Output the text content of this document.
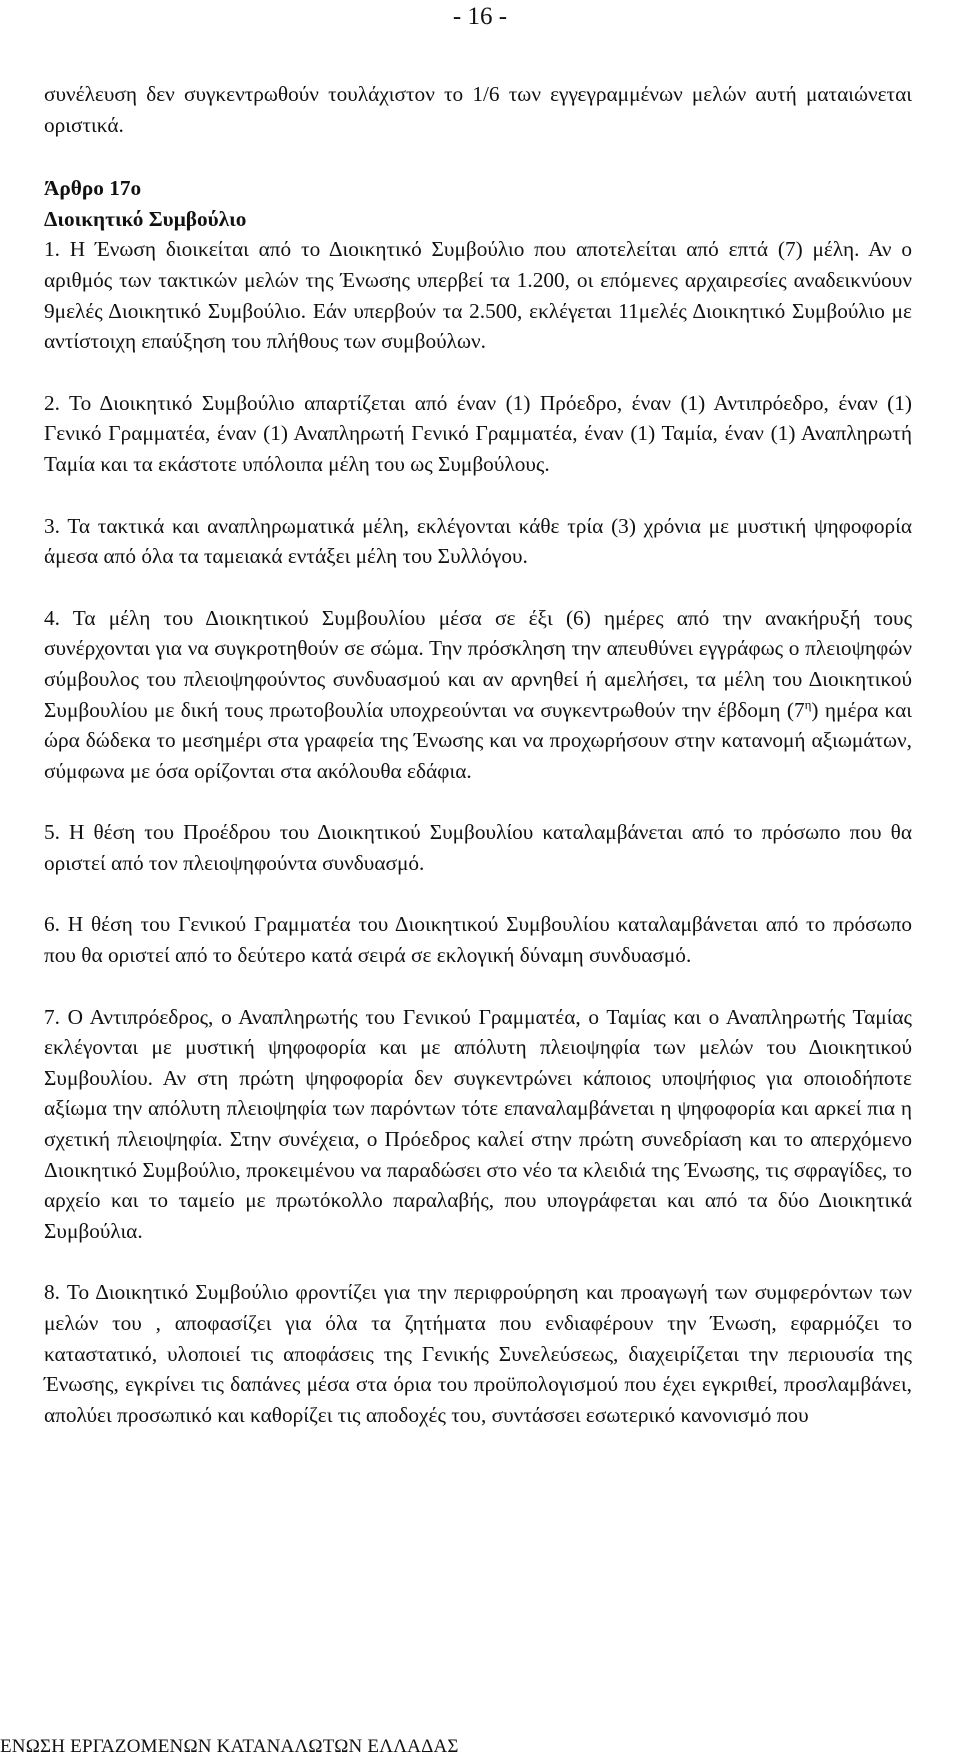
- 16 -

συνέλευση δεν συγκεντρωθούν τουλάχιστον το 1/6 των εγγεγραμμένων μελών αυτή ματαιώνεται οριστικά.

Άρθρο 17ο

Διοικητικό Συμβούλιο

1. Η Ένωση διοικείται από το Διοικητικό Συμβούλιο που αποτελείται από επτά (7) μέλη. Αν ο αριθμός των τακτικών μελών της Ένωσης υπερβεί τα 1.200, οι επόμενες αρχαιρεσίες αναδεικνύουν 9μελές Διοικητικό Συμβούλιο. Εάν υπερβούν τα 2.500, εκλέγεται 11μελές Διοικητικό Συμβούλιο με αντίστοιχη επαύξηση του πλήθους των συμβούλων.

2. Το Διοικητικό Συμβούλιο απαρτίζεται από έναν (1) Πρόεδρο, έναν (1) Αντιπρόεδρο, έναν (1) Γενικό Γραμματέα, έναν (1) Αναπληρωτή Γενικό Γραμματέα, έναν (1) Ταμία, έναν (1) Αναπληρωτή Ταμία και τα εκάστοτε υπόλοιπα μέλη του ως Συμβούλους.

3. Τα τακτικά και αναπληρωματικά μέλη, εκλέγονται κάθε τρία (3) χρόνια με μυστική ψηφοφορία άμεσα από όλα τα ταμειακά εντάξει μέλη του Συλλόγου.

4. Τα μέλη του Διοικητικού Συμβουλίου μέσα σε έξι (6) ημέρες από την ανακήρυξή τους συνέρχονται για να συγκροτηθούν σε σώμα. Την πρόσκληση την απευθύνει εγγράφως ο πλειοψηφών σύμβουλος του πλειοψηφούντος συνδυασμού και αν αρνηθεί ή αμελήσει, τα μέλη του Διοικητικού Συμβουλίου με δική τους πρωτοβουλία υποχρεούνται να συγκεντρωθούν την έβδομη $(7^\eta)$ ημέρα και ώρα δώδεκα το μεσημέρι στα γραφεία της Ένωσης και να προχωρήσουν στην κατανομή αξιωμάτων, σύμφωνα με όσα ορίζονται στα ακόλουθα εδάφια.

5. Η θέση του Προέδρου του Διοικητικού Συμβουλίου καταλαμβάνεται από το πρόσωπο που θα οριστεί από τον πλειοψηφούντα συνδυασμό.

6. Η θέση του Γενικού Γραμματέα του Διοικητικού Συμβουλίου καταλαμβάνεται από το πρόσωπο που θα οριστεί από το δεύτερο κατά σειρά σε εκλογική δύναμη συνδυασμό.

7. Ο Αντιπρόεδρος, ο Αναπληρωτής του Γενικού Γραμματέα, ο Ταμίας και ο Αναπληρωτής Ταμίας εκλέγονται με μυστική ψηφοφορία και με απόλυτη πλειοψηφία των μελών του Διοικητικού Συμβουλίου. Αν στη πρώτη ψηφοφορία δεν συγκεντρώνει κάποιος υποψήφιος για οποιοδήποτε αξίωμα την απόλυτη πλειοψηφία των παρόντων τότε επαναλαμβάνεται η ψηφοφορία και αρκεί πια η σχετική πλειοψηφία. Στην συνέχεια, ο Πρόεδρος καλεί στην πρώτη συνεδρίαση και το απερχόμενο Διοικητικό Συμβούλιο, προκειμένου να παραδώσει στο νέο τα κλειδιά της Ένωσης, τις σφραγίδες, το αρχείο και το ταμείο με πρωτόκολλο παραλαβής, που υπογράφεται και από τα δύο Διοικητικά Συμβούλια.

8. Το Διοικητικό Συμβούλιο φροντίζει για την περιφρούρηση και προαγωγή των συμφερόντων των μελών του , αποφασίζει για όλα τα ζητήματα που ενδιαφέρουν την Ένωση, εφαρμόζει το καταστατικό, υλοποιεί τις αποφάσεις της Γενικής Συνελεύσεως, διαχειρίζεται την περιουσία της Ένωσης, εγκρίνει τις δαπάνες μέσα στα όρια του προϋπολογισμού που έχει εγκριθεί, προσλαμβάνει, απολύει προσωπικό και καθορίζει τις αποδοχές του, συντάσσει εσωτερικό κανονισμό που

ΕΝΩΣΗ ΕΡΓΑΖΟΜΕΝΩΝ ΚΑΤΑΝΑΛΩΤΩΝ ΕΛΛΑΔΑΣ
